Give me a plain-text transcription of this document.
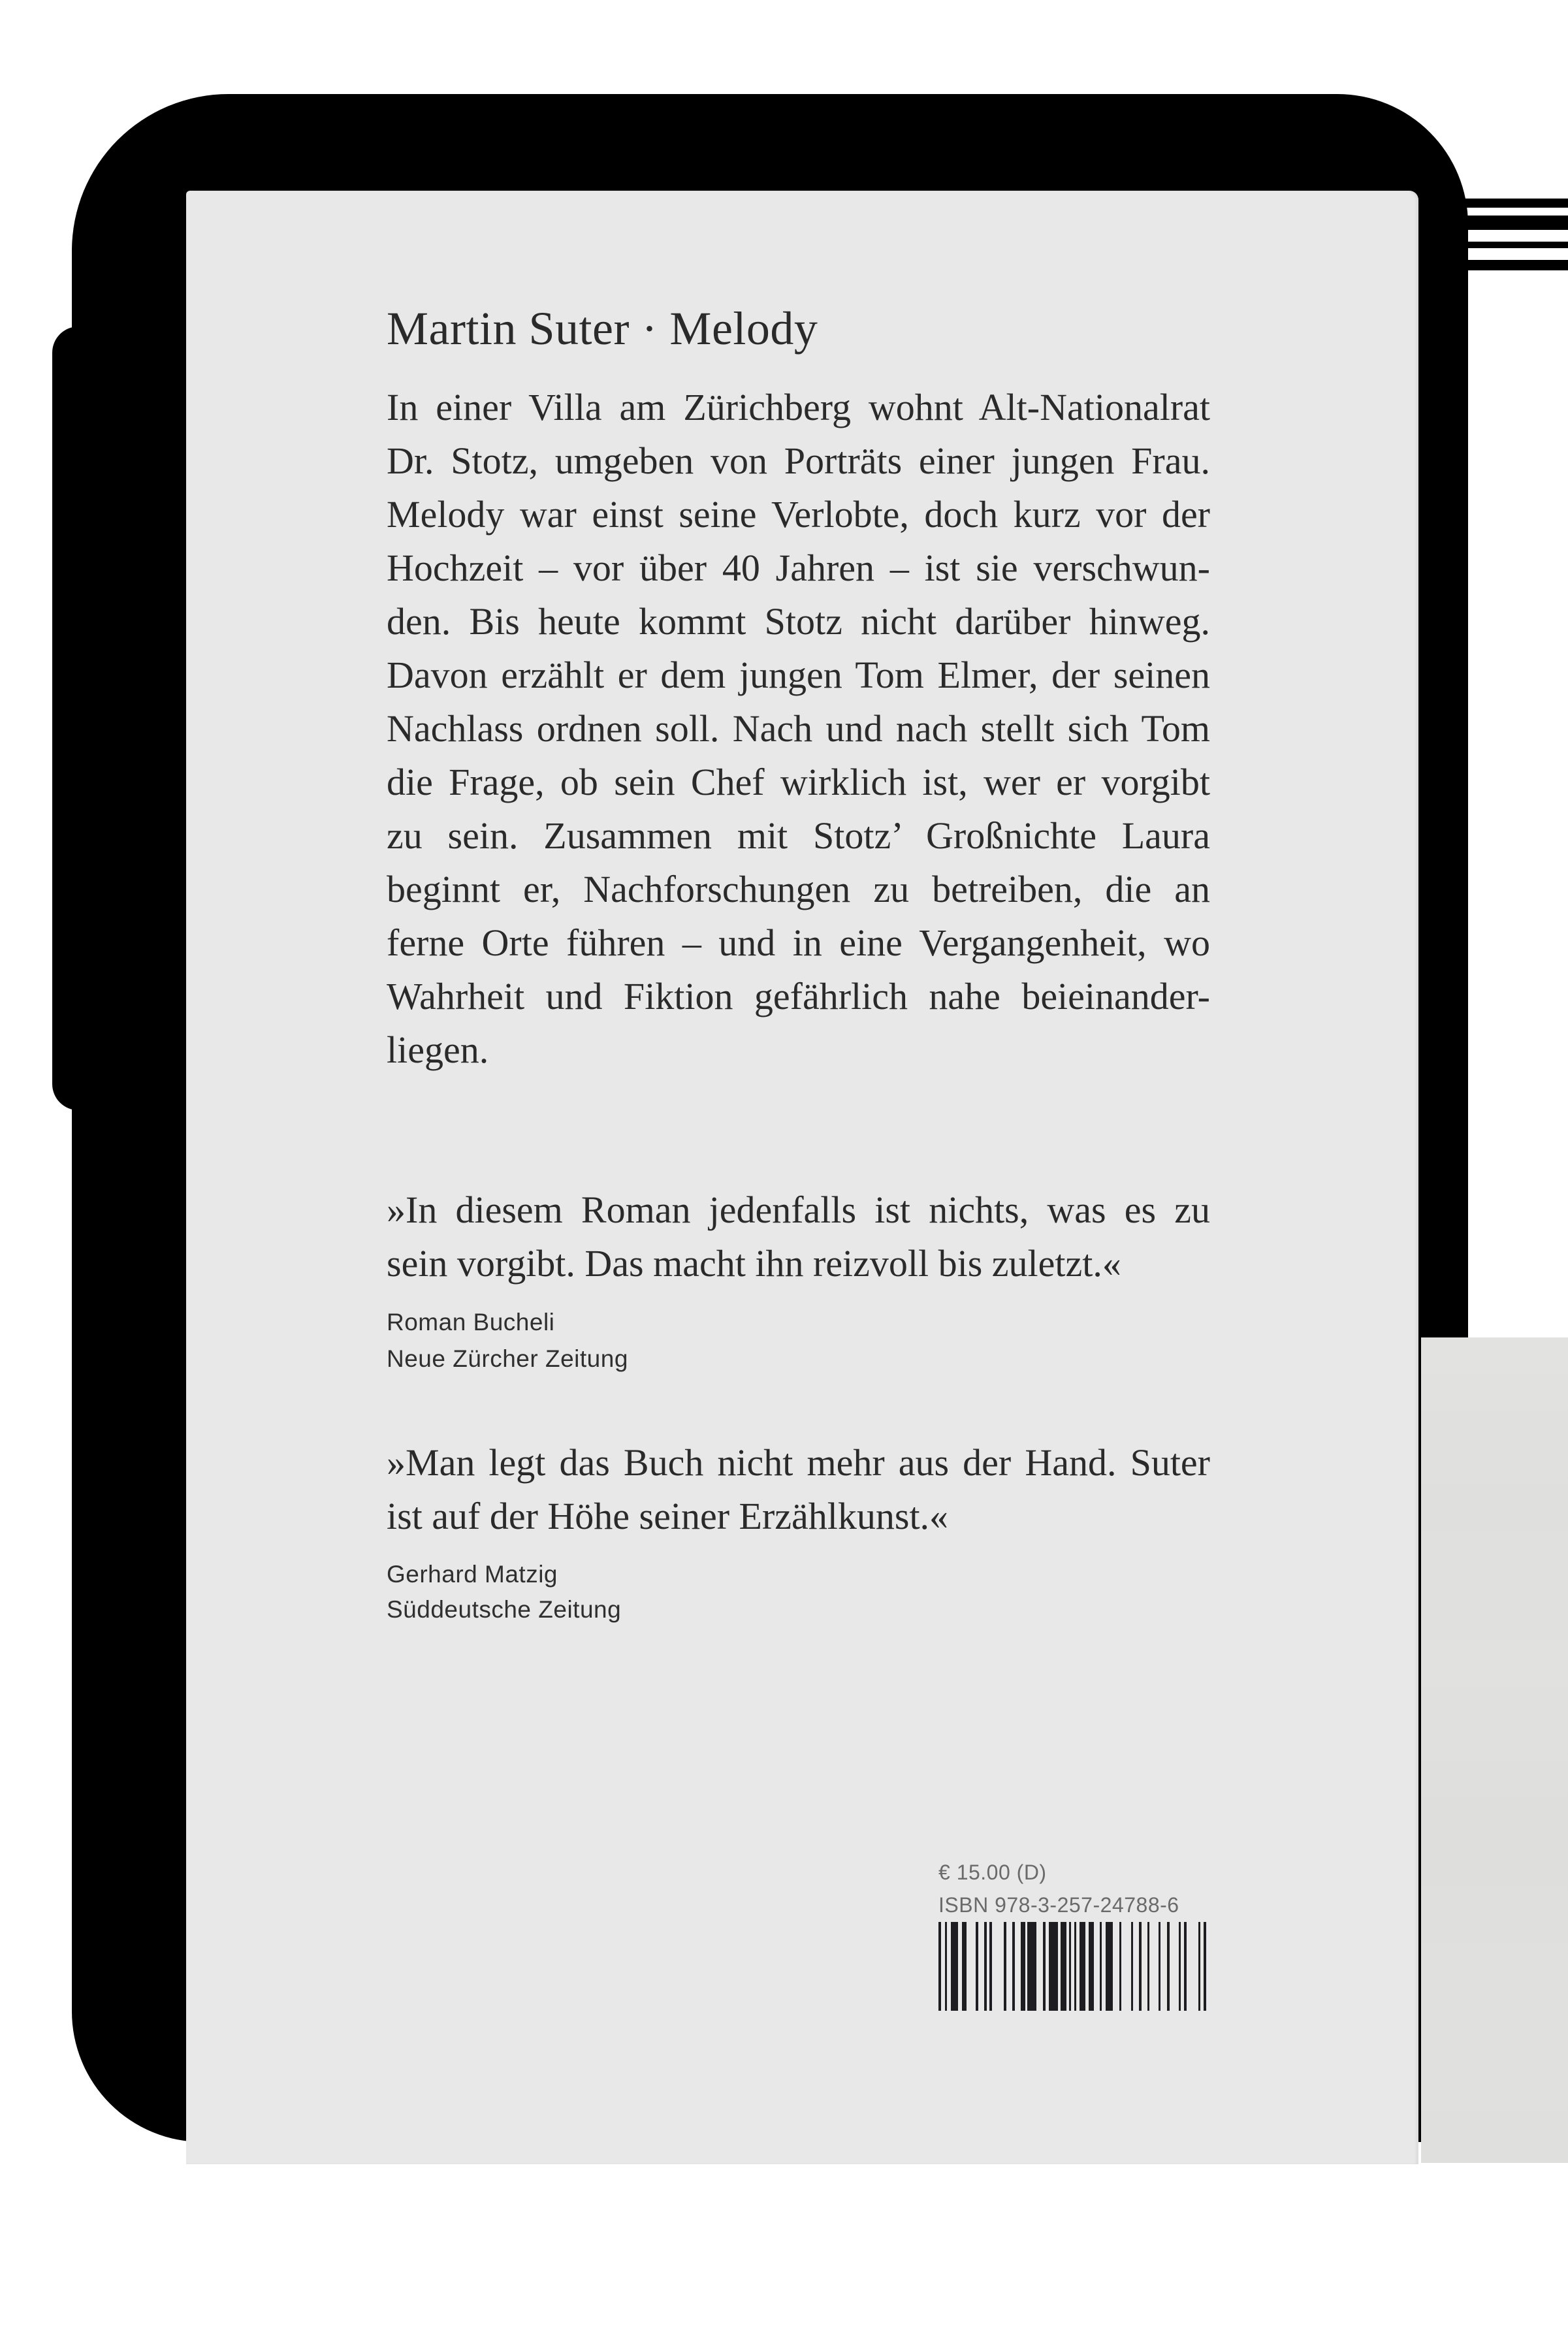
Martin Suter · Melody
In einer Villa am Zürichberg wohnt Alt-Nationalrat
Dr. Stotz, umgeben von Porträts einer jungen Frau.
Melody war einst seine Verlobte, doch kurz vor der
Hochzeit – vor über 40 Jahren – ist sie verschwun-
den. Bis heute kommt Stotz nicht darüber hinweg.
Davon erzählt er dem jungen Tom Elmer, der seinen
Nachlass ordnen soll. Nach und nach stellt sich Tom
die Frage, ob sein Chef wirklich ist, wer er vorgibt
zu sein. Zusammen mit Stotz’ Großnichte Laura
beginnt er, Nachforschungen zu betreiben, die an
ferne Orte führen – und in eine Vergangenheit, wo
Wahrheit und Fiktion gefährlich nahe beieinander-
liegen.
»In diesem Roman jedenfalls ist nichts, was es zu
sein vorgibt. Das macht ihn reizvoll bis zuletzt.«
Roman Bucheli
Neue Zürcher Zeitung
»Man legt das Buch nicht mehr aus der Hand. Suter
ist auf der Höhe seiner Erzählkunst.«
Gerhard Matzig
Süddeutsche Zeitung
€ 15.00 (D)
ISBN 978-3-257-24788-6
